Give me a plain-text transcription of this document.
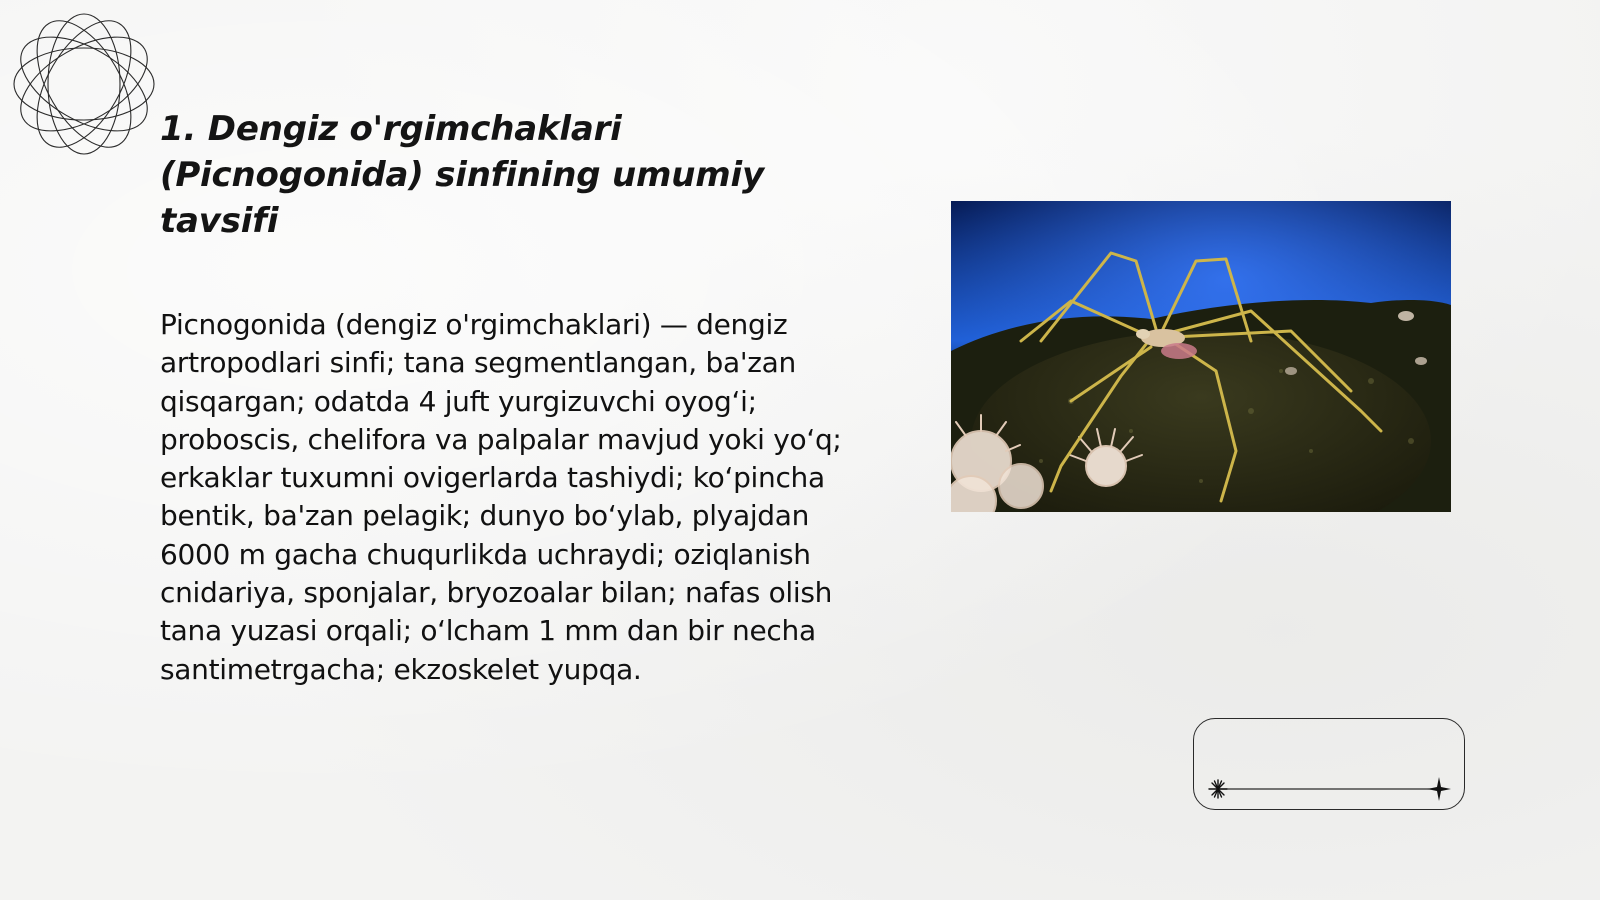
1. Dengiz o'rgimchaklari (Picnogonida) sinfining umumiy tavsifi

Picnogonida (dengiz o'rgimchaklari) — dengiz artropodlari sinfi; tana segmentlangan, ba'zan qisqargan; odatda 4 juft yurgizuvchi oyog‘i; proboscis, chelifora va palpalar mavjud yoki yo‘q; erkaklar tuxumni ovigerlarda tashiydi; ko‘pincha bentik, ba'zan pelagik; dunyo bo‘ylab, plyajdan 6000 m gacha chuqurlikda uchraydi; oziqlanish cnidariya, sponjalar, bryozoalar bilan; nafas olish tana yuzasi orqali; o‘lcham 1 mm dan bir necha santimetrgacha; ekzoskelet yupqa.
